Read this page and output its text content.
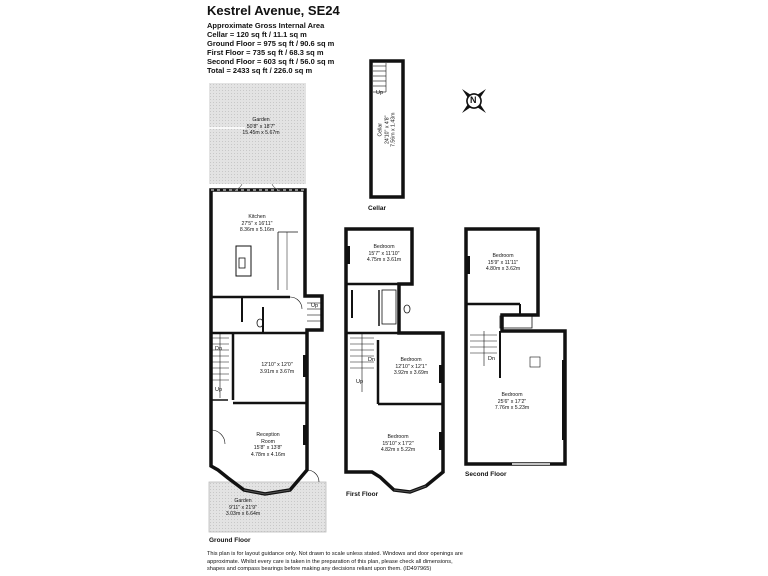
Kestrel Avenue, SE24
Approximate Gross Internal Area
Cellar = 120 sq ft / 11.1 sq m
Ground Floor = 975 sq ft / 90.6 sq m
First Floor = 735 sq ft / 68.3 sq m
Second Floor = 603 sq ft / 56.0 sq m
Total = 2433 sq ft / 226.0 sq m
N
Garden
50'8" x 18'7"
15.45m x 5.67m
Kitchen
27'5" x 16'11"
8.36m x 5.16m
12'10" x 12'0"
3.91m x 3.67m
Reception
Room
15'8" x 13'8"
4.78m x 4.16m
Garden
9'11" x 21'9"
3.03m x 6.64m
Cellar 24'10" x 4'8" 7.56m x 1.43m
Bedroom
15'7" x 11'10"
4.75m x 3.61m
Bedroom
12'10" x 12'1"
3.92m x 3.69m
Bedroom
15'10" x 17'2"
4.82m x 5.22m
Bedroom
15'9" x 11'11"
4.80m x 3.62m
Bedroom
25'6" x 17'2"
7.76m x 5.23m
Up
Up
Dn
Up
Dn
Up
Dn
Cellar
Ground Floor
First Floor
Second Floor
This plan is for layout guidance only. Not drawn to scale unless stated. Windows and door openings are approximate. Whilst every care is taken in the preparation of this plan, please check all dimensions, shapes and compass bearings before making any decisions reliant upon them. (ID497965)
